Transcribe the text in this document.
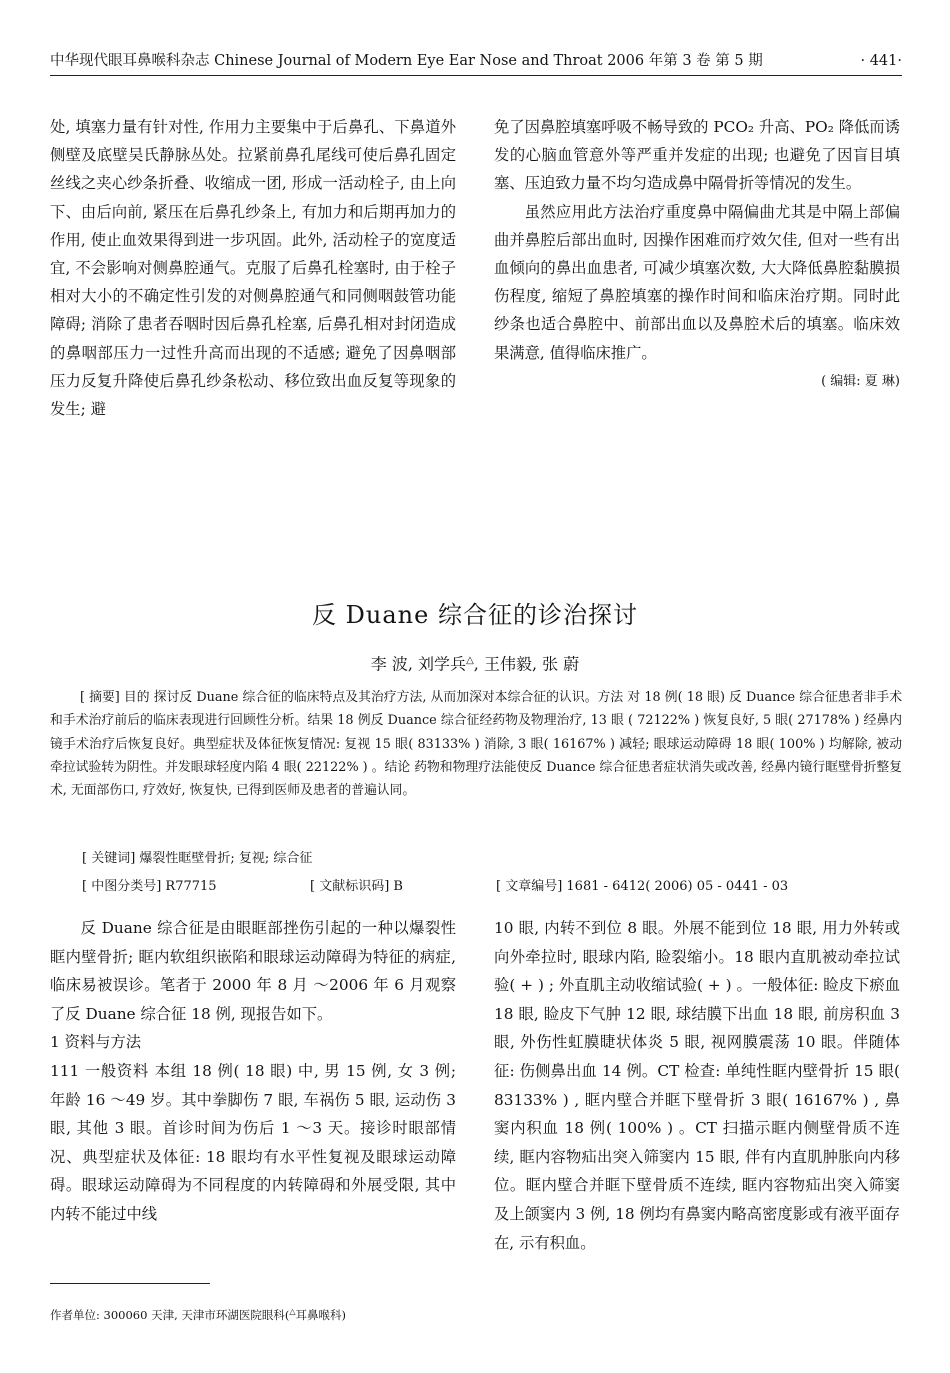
中华现代眼耳鼻喉科杂志 Chinese Journal of Modern Eye Ear Nose and Throat 2006 年第 3 卷 第 5 期	· 441·

处, 填塞力量有针对性, 作用力主要集中于后鼻孔、下鼻道外侧壁及底壁吴氏静脉丛处。拉紧前鼻孔尾线可使后鼻孔固定丝线之夹心纱条折叠、收缩成一团, 形成一活动栓子, 由上向下、由后向前, 紧压在后鼻孔纱条上, 有加力和后期再加力的作用, 使止血效果得到进一步巩固。此外, 活动栓子的宽度适宜, 不会影响对侧鼻腔通气。克服了后鼻孔栓塞时, 由于栓子相对大小的不确定性引发的对侧鼻腔通气和同侧咽鼓管功能障碍; 消除了患者吞咽时因后鼻孔栓塞, 后鼻孔相对封闭造成的鼻咽部压力一过性升高而出现的不适感; 避免了因鼻咽部压力反复升降使后鼻孔纱条松动、移位致出血反复等现象的发生; 避

免了因鼻腔填塞呼吸不畅导致的 PCO₂ 升高、PO₂ 降低而诱发的心脑血管意外等严重并发症的出现; 也避免了因盲目填塞、压迫致力量不均匀造成鼻中隔骨折等情况的发生。

虽然应用此方法治疗重度鼻中隔偏曲尤其是中隔上部偏曲并鼻腔后部出血时, 因操作困难而疗效欠佳, 但对一些有出血倾向的鼻出血患者, 可减少填塞次数, 大大降低鼻腔黏膜损伤程度, 缩短了鼻腔填塞的操作时间和临床治疗期。同时此纱条也适合鼻腔中、前部出血以及鼻腔术后的填塞。临床效果满意, 值得临床推广。

( 编辑: 夏 琳)
反 Duane 综合征的诊治探讨
李 波, 刘学兵△, 王伟毅, 张 蔚

[ 摘要] 目的 探讨反 Duane 综合征的临床特点及其治疗方法, 从而加深对本综合征的认识。方法 对 18 例( 18 眼) 反 Duance 综合征患者非手术和手术治疗前后的临床表现进行回顾性分析。结果 18 例反 Duance 综合征经药物及物理治疗, 13 眼 ( 72122% ) 恢复良好, 5 眼( 27178% ) 经鼻内镜手术治疗后恢复良好。典型症状及体征恢复情况: 复视 15 眼( 83133% ) 消除, 3 眼( 16167% ) 减轻; 眼球运动障碍 18 眼( 100% ) 均解除, 被动牵拉试验转为阴性。并发眼球轻度内陷 4 眼( 22122% ) 。结论 药物和物理疗法能使反 Duance 综合征患者症状消失或改善, 经鼻内镜行眶壁骨折整复术, 无面部伤口, 疗效好, 恢复快, 已得到医师及患者的普遍认同。

[ 关键词] 爆裂性眶壁骨折; 复视; 综合征
[ 中图分类号] R77715	[ 文献标识码] B	[ 文章编号] 1681 - 6412( 2006) 05 - 0441 - 03

反 Duane 综合征是由眼眶部挫伤引起的一种以爆裂性眶内壁骨折; 眶内软组织嵌陷和眼球运动障碍为特征的病症, 临床易被误诊。笔者于 2000 年 8 月 ～2006 年 6 月观察了反 Duane 综合征 18 例, 现报告如下。

1 资料与方法

111 一般资料 本组 18 例( 18 眼) 中, 男 15 例, 女 3 例; 年龄 16 ～49 岁。其中拳脚伤 7 眼, 车祸伤 5 眼, 运动伤 3 眼, 其他 3 眼。首诊时间为伤后 1 ～3 天。接诊时眼部情况、典型症状及体征: 18 眼均有水平性复视及眼球运动障碍。眼球运动障碍为不同程度的内转障碍和外展受限, 其中内转不能过中线

10 眼, 内转不到位 8 眼。外展不能到位 18 眼, 用力外转或向外牵拉时, 眼球内陷, 睑裂缩小。18 眼内直肌被动牵拉试验( + ) ; 外直肌主动收缩试验( + ) 。一般体征: 睑皮下瘀血 18 眼, 睑皮下气肿 12 眼, 球结膜下出血 18 眼, 前房积血 3 眼, 外伤性虹膜睫状体炎 5 眼, 视网膜震荡 10 眼。伴随体征: 伤侧鼻出血 14 例。CT 检查: 单纯性眶内壁骨折 15 眼( 83133% ) , 眶内壁合并眶下壁骨折 3 眼( 16167% ) , 鼻窦内积血 18 例( 100% ) 。CT 扫描示眶内侧壁骨质不连续, 眶内容物疝出突入筛窦内 15 眼, 伴有内直肌肿胀向内移位。眶内壁合并眶下壁骨质不连续, 眶内容物疝出突入筛窦及上颌窦内 3 例, 18 例均有鼻窦内略高密度影或有液平面存在, 示有积血。

作者单位: 300060 天津, 天津市环湖医院眼科(△耳鼻喉科)
